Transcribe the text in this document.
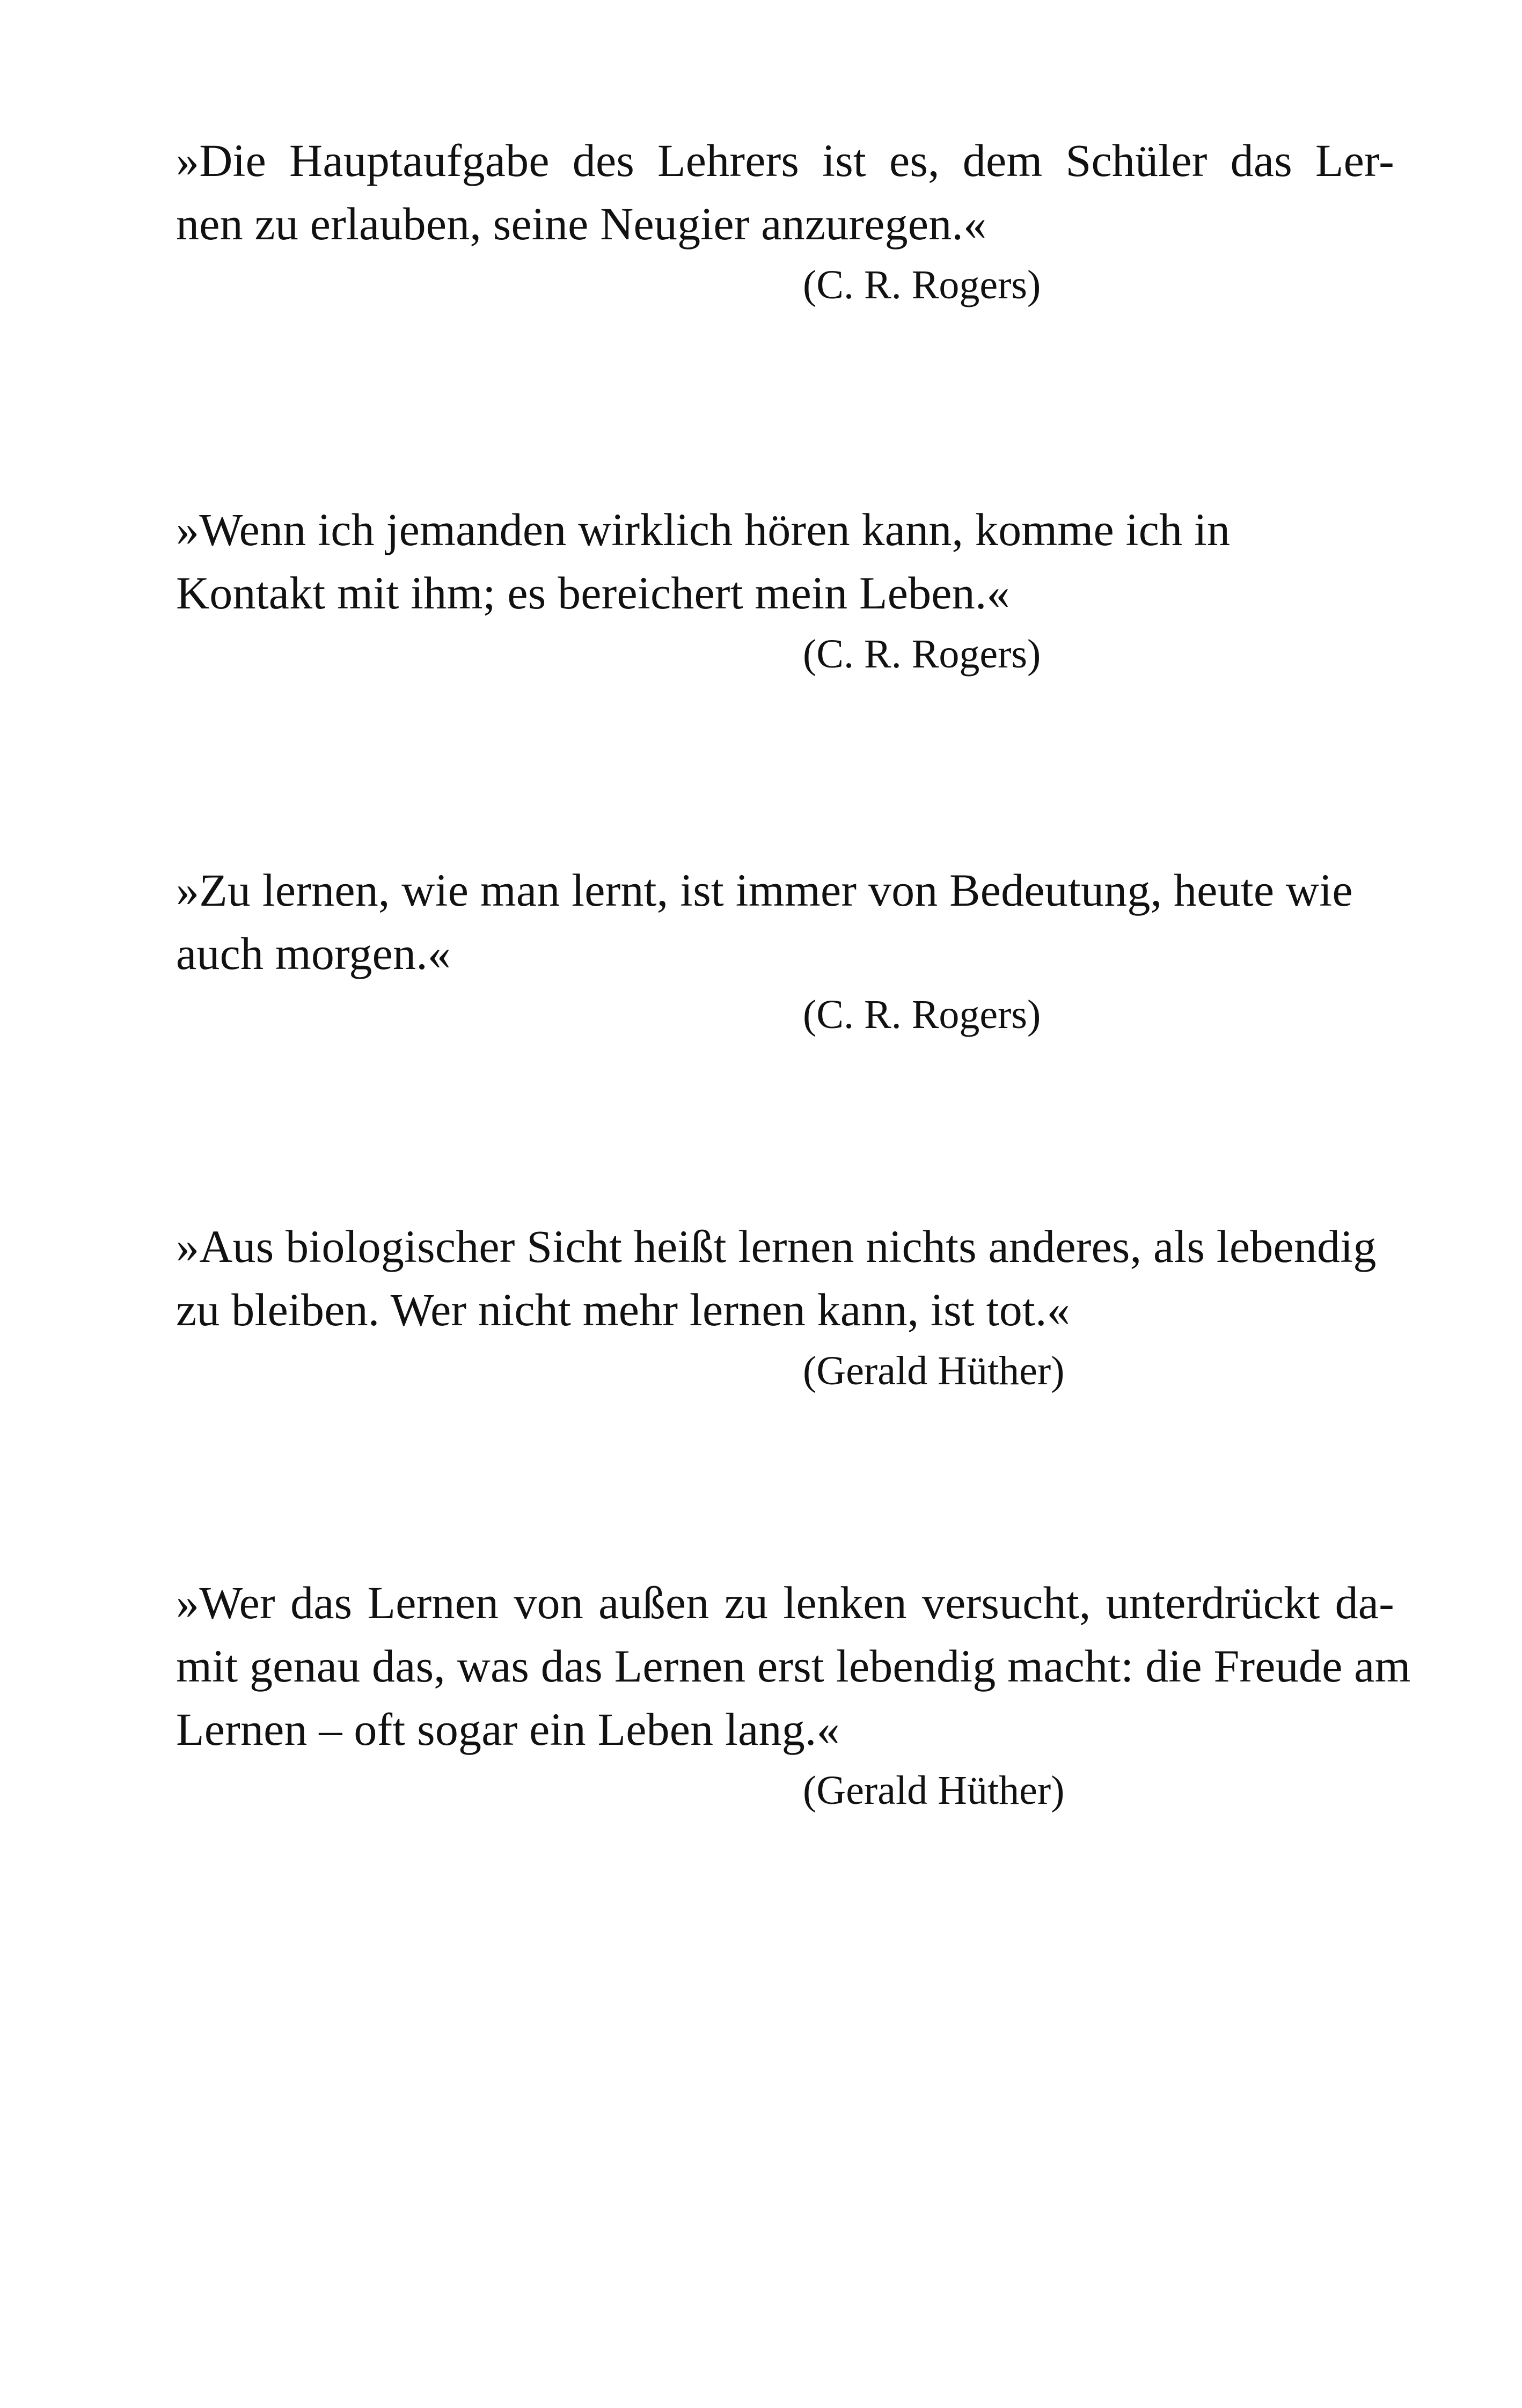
»Die Hauptaufgabe des Lehrers ist es, dem Schüler das Ler-
nen zu erlauben, seine Neugier anzuregen.«
(C. R. Rogers)
»Wenn ich jemanden wirklich hören kann, komme ich in
Kontakt mit ihm; es bereichert mein Leben.«
(C. R. Rogers)
»Zu lernen, wie man lernt, ist immer von Bedeutung, heute wie
auch morgen.«
(C. R. Rogers)
»Aus biologischer Sicht heißt lernen nichts anderes, als lebendig
zu bleiben. Wer nicht mehr lernen kann, ist tot.«
(Gerald Hüther)
»Wer das Lernen von außen zu lenken versucht, unterdrückt da-
mit genau das, was das Lernen erst lebendig macht: die Freude am
Lernen – oft sogar ein Leben lang.«
(Gerald Hüther)
